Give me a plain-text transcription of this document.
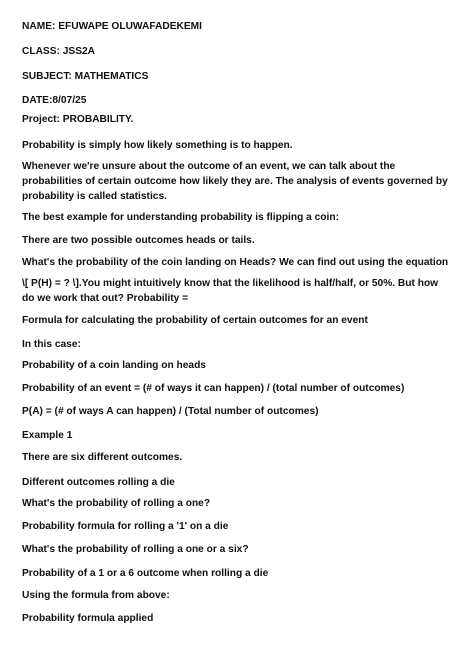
NAME: EFUWAPE OLUWAFADEKEMI

CLASS: JSS2A

SUBJECT: MATHEMATICS

DATE:8/07/25

Project: PROBABILITY.

Probability is simply how likely something is to happen.

Whenever we're unsure about the outcome of an event, we can talk about the probabilities of certain outcome how likely they are. The analysis of events governed by probability is called statistics.

The best example for understanding probability is flipping a coin:

There are two possible outcomes heads or tails.

What's the probability of the coin landing on Heads? We can find out using the equation

\[ P(H) = ? \].You might intuitively know that the likelihood is half/half, or 50%. But how do we work that out? Probability =

Formula for calculating the probability of certain outcomes for an event

In this case:

Probability of a coin landing on heads

Probability of an event = (# of ways it can happen) / (total number of outcomes)

P(A) = (# of ways A can happen) / (Total number of outcomes)

Example 1

There are six different outcomes.

Different outcomes rolling a die

What's the probability of rolling a one?

Probability formula for rolling a '1' on a die

What's the probability of rolling a one or a six?

Probability of a 1 or a 6 outcome when rolling a die

Using the formula from above:

Probability formula applied
